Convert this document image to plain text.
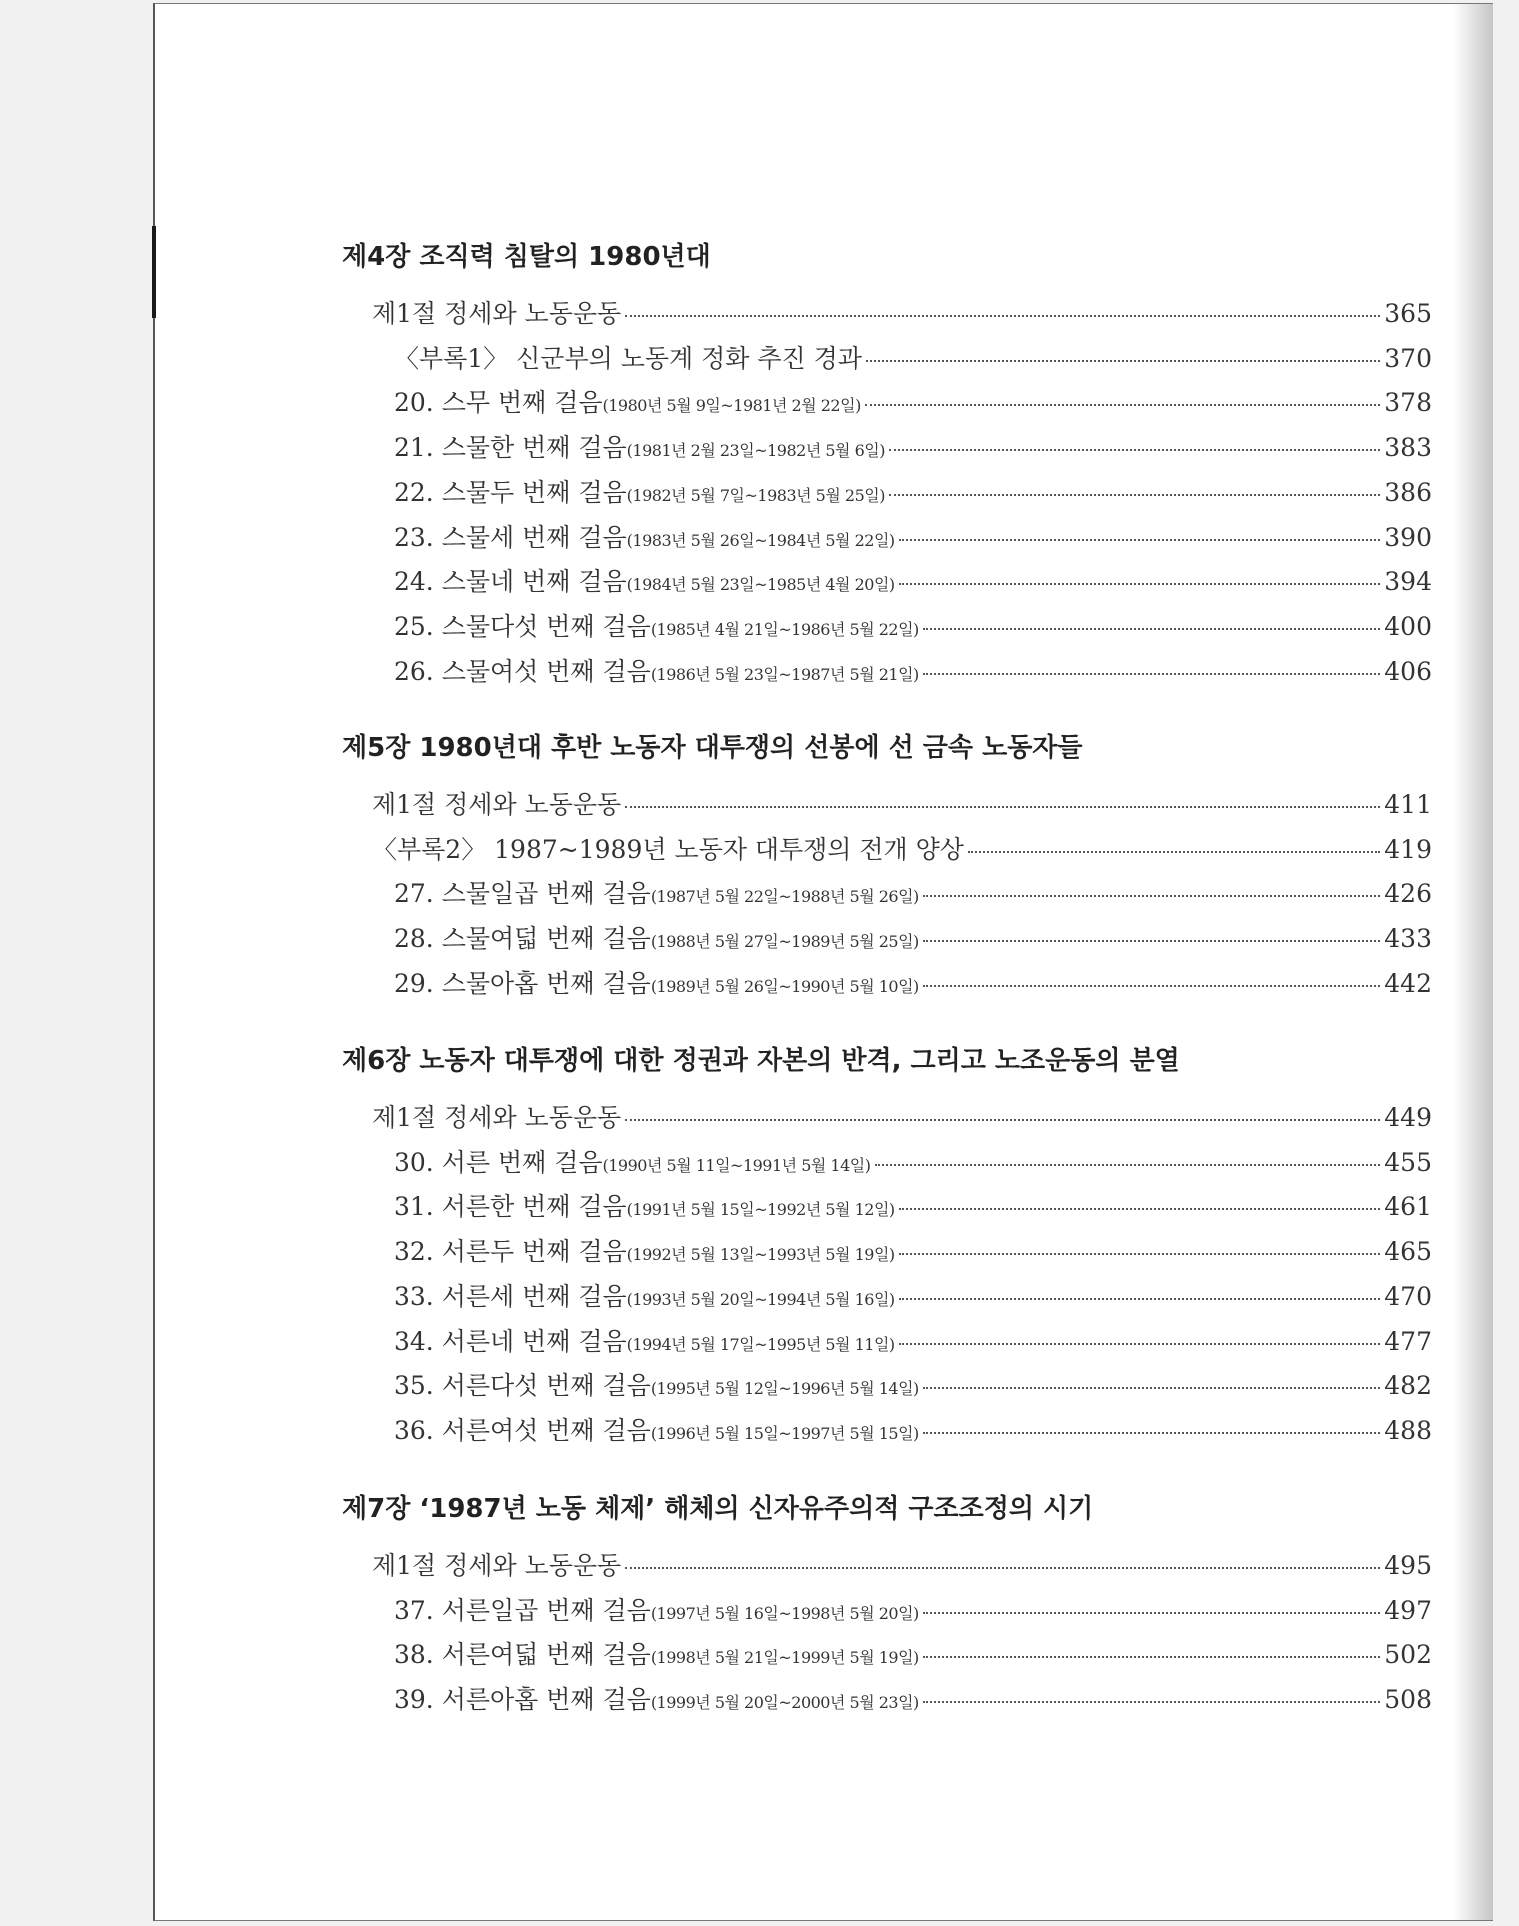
제4장 조직력 침탈의 1980년대
제1절 정세와 노동운동	365
〈부록1〉 신군부의 노동계 정화 추진 경과	370
20. 스무 번째 걸음 (1980년 5월 9일~1981년 2월 22일)	378
21. 스물한 번째 걸음 (1981년 2월 23일~1982년 5월 6일)	383
22. 스물두 번째 걸음 (1982년 5월 7일~1983년 5월 25일)	386
23. 스물세 번째 걸음 (1983년 5월 26일~1984년 5월 22일)	390
24. 스물네 번째 걸음 (1984년 5월 23일~1985년 4월 20일)	394
25. 스물다섯 번째 걸음 (1985년 4월 21일~1986년 5월 22일)	400
26. 스물여섯 번째 걸음 (1986년 5월 23일~1987년 5월 21일)	406
제5장 1980년대 후반 노동자 대투쟁의 선봉에 선 금속 노동자들
제1절 정세와 노동운동	411
〈부록2〉 1987~1989년 노동자 대투쟁의 전개 양상	419
27. 스물일곱 번째 걸음 (1987년 5월 22일~1988년 5월 26일)	426
28. 스물여덟 번째 걸음 (1988년 5월 27일~1989년 5월 25일)	433
29. 스물아홉 번째 걸음 (1989년 5월 26일~1990년 5월 10일)	442
제6장 노동자 대투쟁에 대한 정권과 자본의 반격, 그리고 노조운동의 분열
제1절 정세와 노동운동	449
30. 서른 번째 걸음 (1990년 5월 11일~1991년 5월 14일)	455
31. 서른한 번째 걸음 (1991년 5월 15일~1992년 5월 12일)	461
32. 서른두 번째 걸음 (1992년 5월 13일~1993년 5월 19일)	465
33. 서른세 번째 걸음 (1993년 5월 20일~1994년 5월 16일)	470
34. 서른네 번째 걸음 (1994년 5월 17일~1995년 5월 11일)	477
35. 서른다섯 번째 걸음 (1995년 5월 12일~1996년 5월 14일)	482
36. 서른여섯 번째 걸음 (1996년 5월 15일~1997년 5월 15일)	488
제7장 ‘1987년 노동 체제’ 해체의 신자유주의적 구조조정의 시기
제1절 정세와 노동운동	495
37. 서른일곱 번째 걸음 (1997년 5월 16일~1998년 5월 20일)	497
38. 서른여덟 번째 걸음 (1998년 5월 21일~1999년 5월 19일)	502
39. 서른아홉 번째 걸음 (1999년 5월 20일~2000년 5월 23일)	508
